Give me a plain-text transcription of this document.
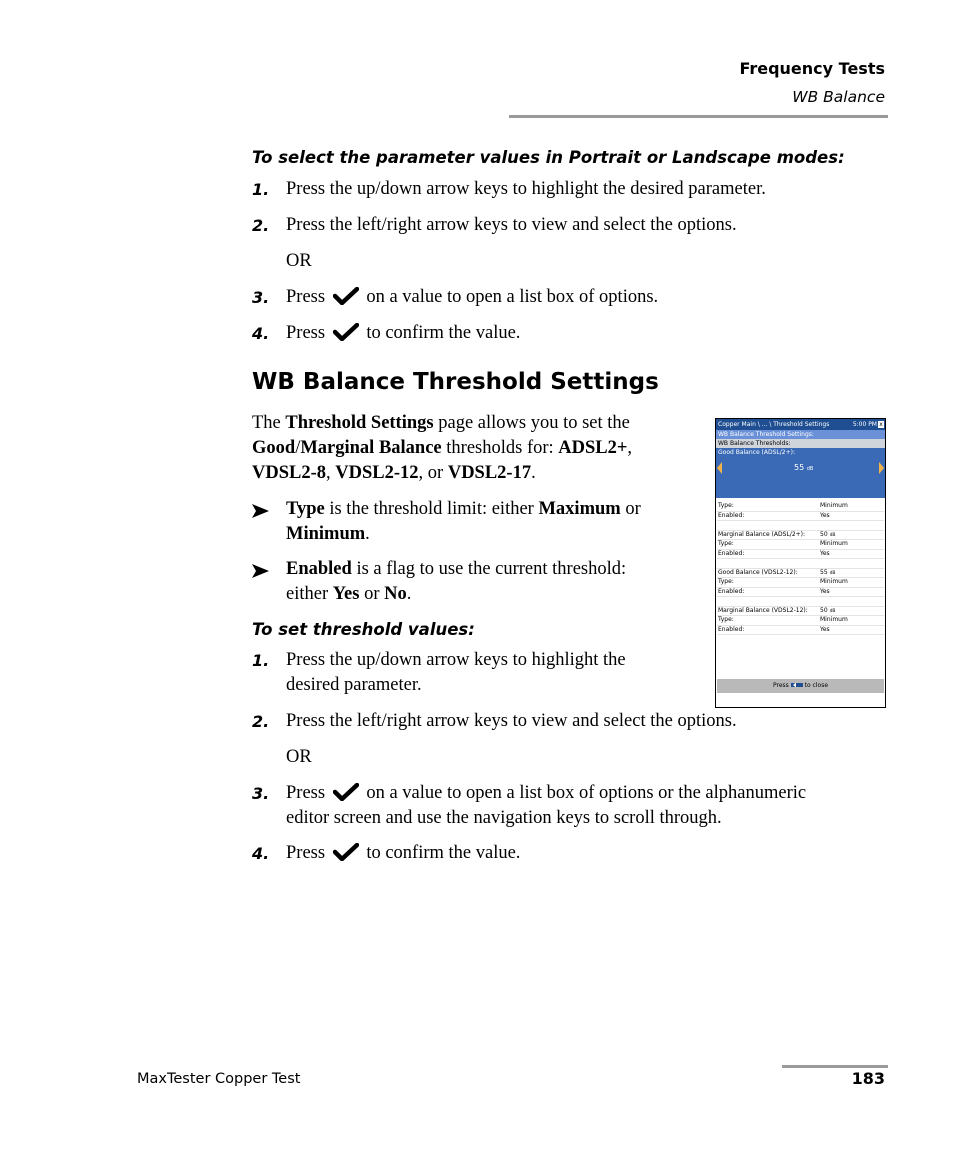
Frequency Tests
WB Balance
To select the parameter values in Portrait or Landscape modes:
1. Press the up/down arrow keys to highlight the desired parameter.
2. Press the left/right arrow keys to view and select the options.
OR
3. Press on a value to open a list box of options.
4. Press to confirm the value.
WB Balance Threshold Settings
The Threshold Settings page allows you to set the
Good/Marginal Balance thresholds for: ADSL2+,
VDSL2-8, VDSL2-12, or VDSL2-17.
Type is the threshold limit: either Maximum or
Minimum.
Enabled is a flag to use the current threshold:
either Yes or No.
To set threshold values:
1. Press the up/down arrow keys to highlight the
desired parameter.
2. Press the left/right arrow keys to view and select the options.
OR
3. Press on a value to open a list box of options or the alphanumeric
editor screen and use the navigation keys to scroll through.
4. Press to confirm the value.
Copper Main \ ... \ Threshold Settings	5:00 PM x
WB Balance Threshold Settings:
WB Balance Thresholds:
Good Balance (ADSL/2+):
55 dB
Type:	Minimum
Enabled:	Yes
Marginal Balance (ADSL/2+): 50 dB
Type:	Minimum
Enabled:	Yes
Good Balance (VDSL2-12):	55 dB
Type:	Minimum
Enabled:	Yes
Marginal Balance (VDSL2-12): 50 dB
Type:	Minimum
Enabled:	Yes
Press	to close
MaxTester Copper Test	183
